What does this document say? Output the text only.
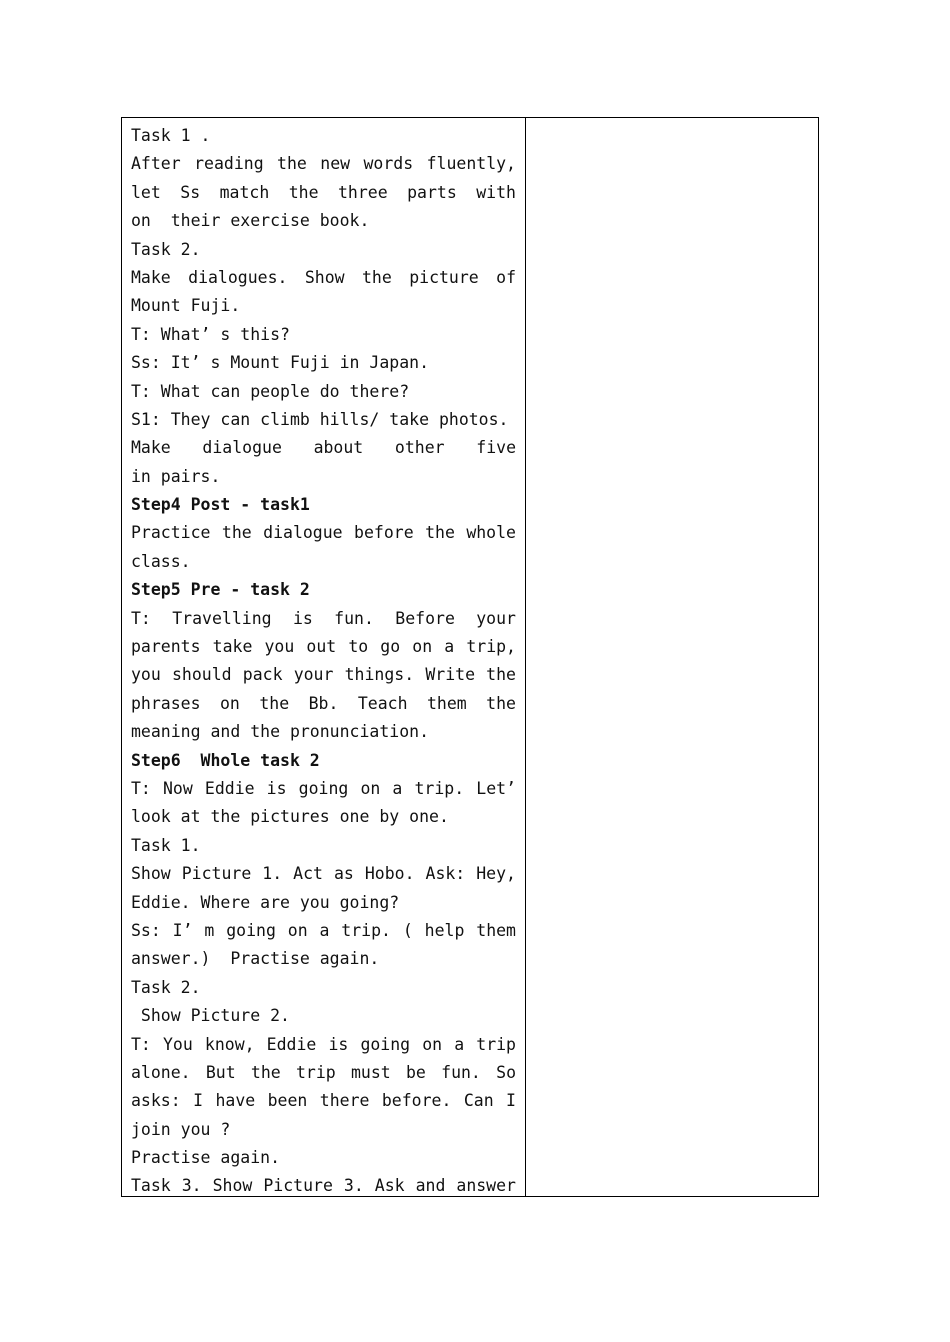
Task 1 .
After reading the new words fluently,
let Ss match the three parts with
on  their exercise book.
Task 2.
Make dialogues. Show the picture of
Mount Fuji.
T: What’ s this?
Ss: It’ s Mount Fuji in Japan.
T: What can people do there?
S1: They can climb hills/ take photos.
Make dialogue about other five
in pairs.
Step4 Post - task1
Practice the dialogue before the whole
class.
Step5 Pre - task 2
T: Travelling is fun. Before your
parents take you out to go on a trip,
you should pack your things. Write the
phrases on the Bb. Teach them the
meaning and the pronunciation.
Step6  Whole task 2
T: Now Eddie is going on a trip. Let’
look at the pictures one by one.
Task 1.
Show Picture 1. Act as Hobo. Ask: Hey,
Eddie. Where are you going?
Ss: I’ m going on a trip. ( help them
answer.)  Practise again.
Task 2.
Show Picture 2.
T: You know, Eddie is going on a trip
alone. But the trip must be fun. So
asks: I have been there before. Can I
join you ?
Practise again.
Task 3. Show Picture 3. Ask and answer
